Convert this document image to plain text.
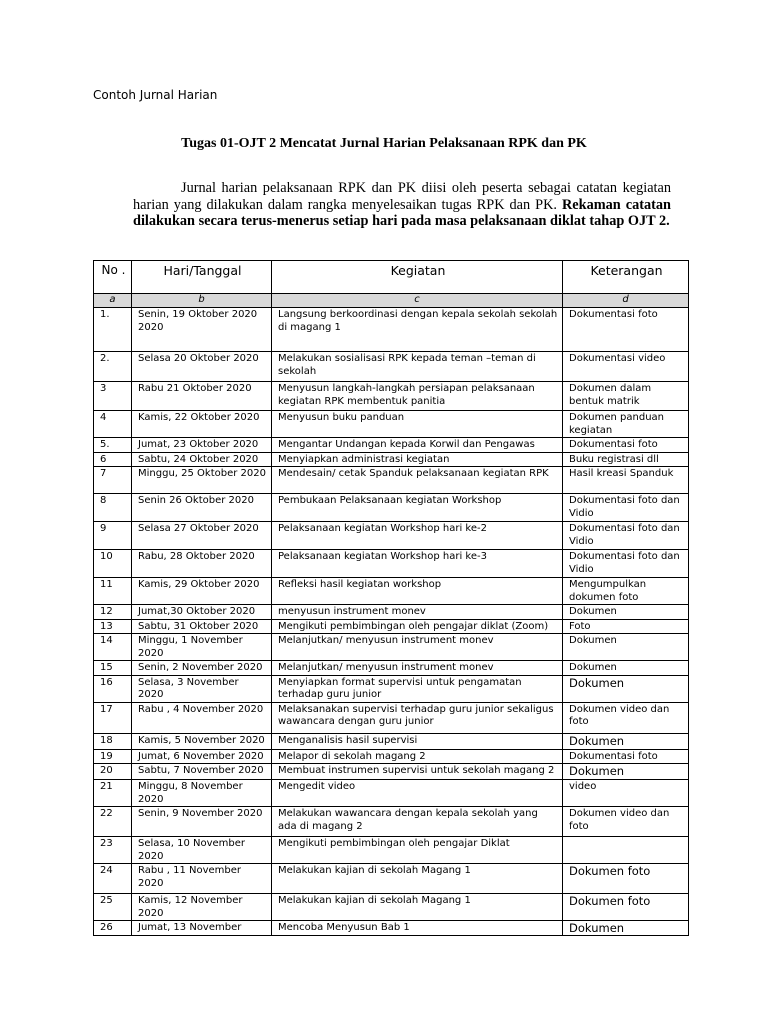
Contoh Jurnal Harian
Tugas 01-OJT 2 Mencatat Jurnal Harian Pelaksanaan RPK dan PK
Jurnal harian pelaksanaan RPK dan PK diisi oleh peserta sebagai catatan kegiatan harian yang dilakukan dalam rangka menyelesaikan tugas RPK dan PK. Rekaman catatan dilakukan secara terus-menerus setiap hari pada masa pelaksanaan diklat tahap OJT 2.
No .	Hari/Tanggal	Kegiatan	Keterangan
a	b	c	d
1.	Senin, 19 Oktober 2020 2020	Langsung berkoordinasi dengan kepala sekolah sekolah di magang 1	Dokumentasi foto
2.	Selasa 20 Oktober 2020	Melakukan sosialisasi RPK kepada teman –teman di sekolah	Dokumentasi video
3	Rabu 21 Oktober 2020	Menyusun langkah-langkah persiapan pelaksanaan kegiatan RPK membentuk panitia	Dokumen dalam bentuk matrik
4	Kamis, 22 Oktober 2020	Menyusun buku panduan	Dokumen panduan kegiatan
5.	Jumat, 23 Oktober 2020	Mengantar Undangan kepada Korwil dan Pengawas	Dokumentasi foto
6	Sabtu, 24 Oktober 2020	Menyiapkan administrasi kegiatan	Buku registrasi dll
7	Minggu, 25 Oktober 2020	Mendesain/ cetak Spanduk pelaksanaan kegiatan RPK	Hasil kreasi Spanduk
8	Senin 26 Oktober 2020	Pembukaan Pelaksanaan kegiatan Workshop	Dokumentasi foto dan Vidio
9	Selasa 27 Oktober 2020	Pelaksanaan kegiatan Workshop hari ke-2	Dokumentasi foto dan Vidio
10	Rabu, 28 Oktober 2020	Pelaksanaan kegiatan Workshop hari ke-3	Dokumentasi foto dan Vidio
11	Kamis, 29 Oktober 2020	Refleksi hasil kegiatan workshop	Mengumpulkan dokumen foto
12	Jumat,30 Oktober 2020	menyusun instrument monev	Dokumen
13	Sabtu, 31 Oktober 2020	Mengikuti pembimbingan oleh pengajar diklat (Zoom)	Foto
14	Minggu, 1 November 2020	Melanjutkan/ menyusun instrument monev	Dokumen
15	Senin, 2 November 2020	Melanjutkan/ menyusun instrument monev	Dokumen
16	Selasa, 3 November 2020	Menyiapkan format supervisi untuk pengamatan terhadap guru junior	Dokumen
17	Rabu , 4 November 2020	Melaksanakan supervisi terhadap guru junior sekaligus wawancara dengan guru junior	Dokumen video dan foto
18	Kamis, 5 November 2020	Menganalisis hasil supervisi	Dokumen
19	Jumat, 6 November 2020	Melapor di sekolah magang 2	Dokumentasi foto
20	Sabtu, 7 November 2020	Membuat instrumen supervisi untuk sekolah magang 2	Dokumen
21	Minggu, 8 November 2020	Mengedit video	video
22	Senin, 9 November 2020	Melakukan wawancara dengan kepala sekolah yang ada di magang 2	Dokumen video dan foto
23	Selasa, 10 November 2020	Mengikuti pembimbingan oleh pengajar Diklat	
24	Rabu , 11 November 2020	Melakukan kajian di sekolah Magang 1	Dokumen foto
25	Kamis, 12 November 2020	Melakukan kajian di sekolah Magang 1	Dokumen foto
26	Jumat, 13 November	Mencoba Menyusun Bab 1	Dokumen
